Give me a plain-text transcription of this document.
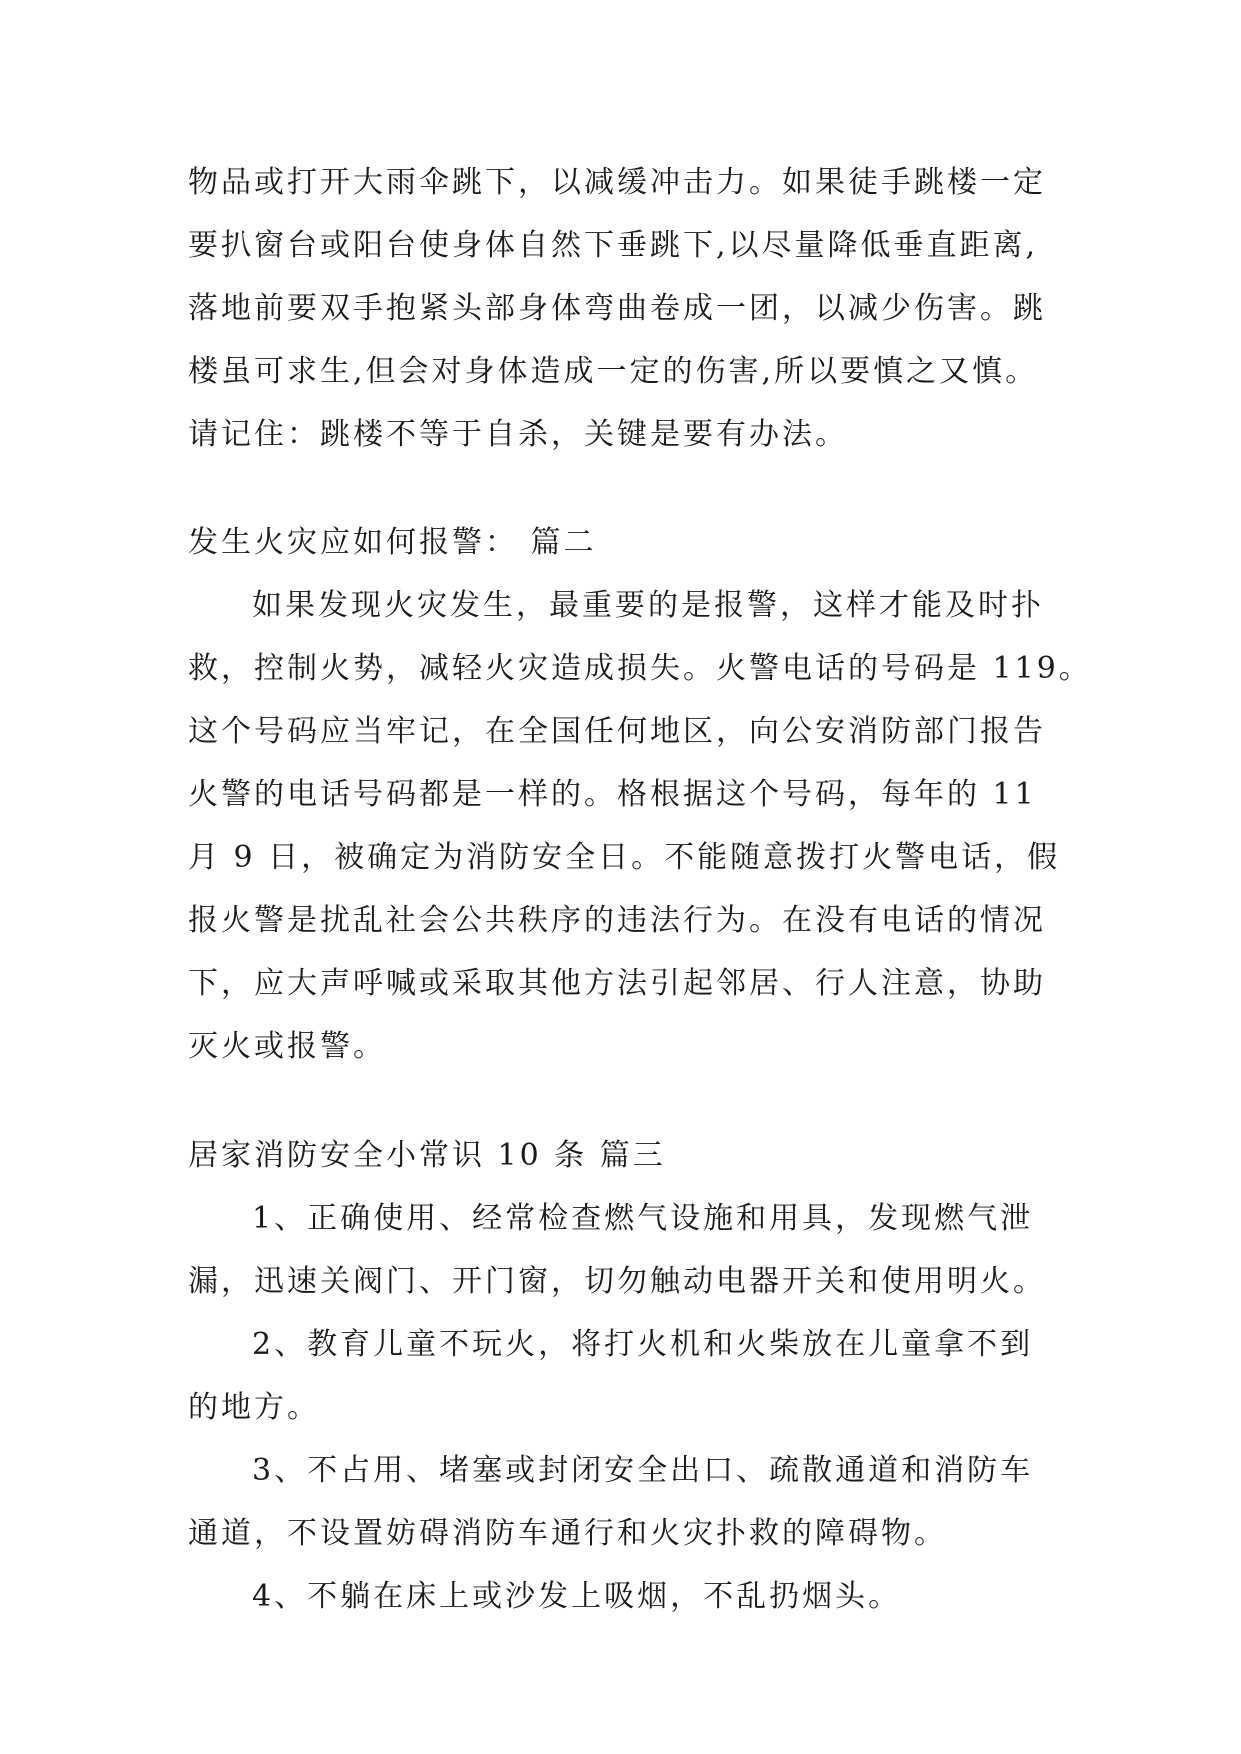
物品或打开大雨伞跳下，以减缓冲击力。如果徒手跳楼一定
要扒窗台或阳台使身体自然下垂跳下,以尽量降低垂直距离,
落地前要双手抱紧头部身体弯曲卷成一团，以减少伤害。跳
楼虽可求生,但会对身体造成一定的伤害,所以要慎之又慎。
请记住：跳楼不等于自杀，关键是要有办法。
发生火灾应如何报警： 篇二
如果发现火灾发生，最重要的是报警，这样才能及时扑
救，控制火势，减轻火灾造成损失。火警电话的号码是 119。
这个号码应当牢记，在全国任何地区，向公安消防部门报告
火警的电话号码都是一样的。格根据这个号码，每年的 11
月 9 日，被确定为消防安全日。不能随意拨打火警电话，假
报火警是扰乱社会公共秩序的违法行为。在没有电话的情况
下，应大声呼喊或采取其他方法引起邻居、行人注意，协助
灭火或报警。
居家消防安全小常识 10 条 篇三
1、正确使用、经常检查燃气设施和用具，发现燃气泄
漏，迅速关阀门、开门窗，切勿触动电器开关和使用明火。
2、教育儿童不玩火，将打火机和火柴放在儿童拿不到
的地方。
3、不占用、堵塞或封闭安全出口、疏散通道和消防车
通道，不设置妨碍消防车通行和火灾扑救的障碍物。
4、不躺在床上或沙发上吸烟，不乱扔烟头。
